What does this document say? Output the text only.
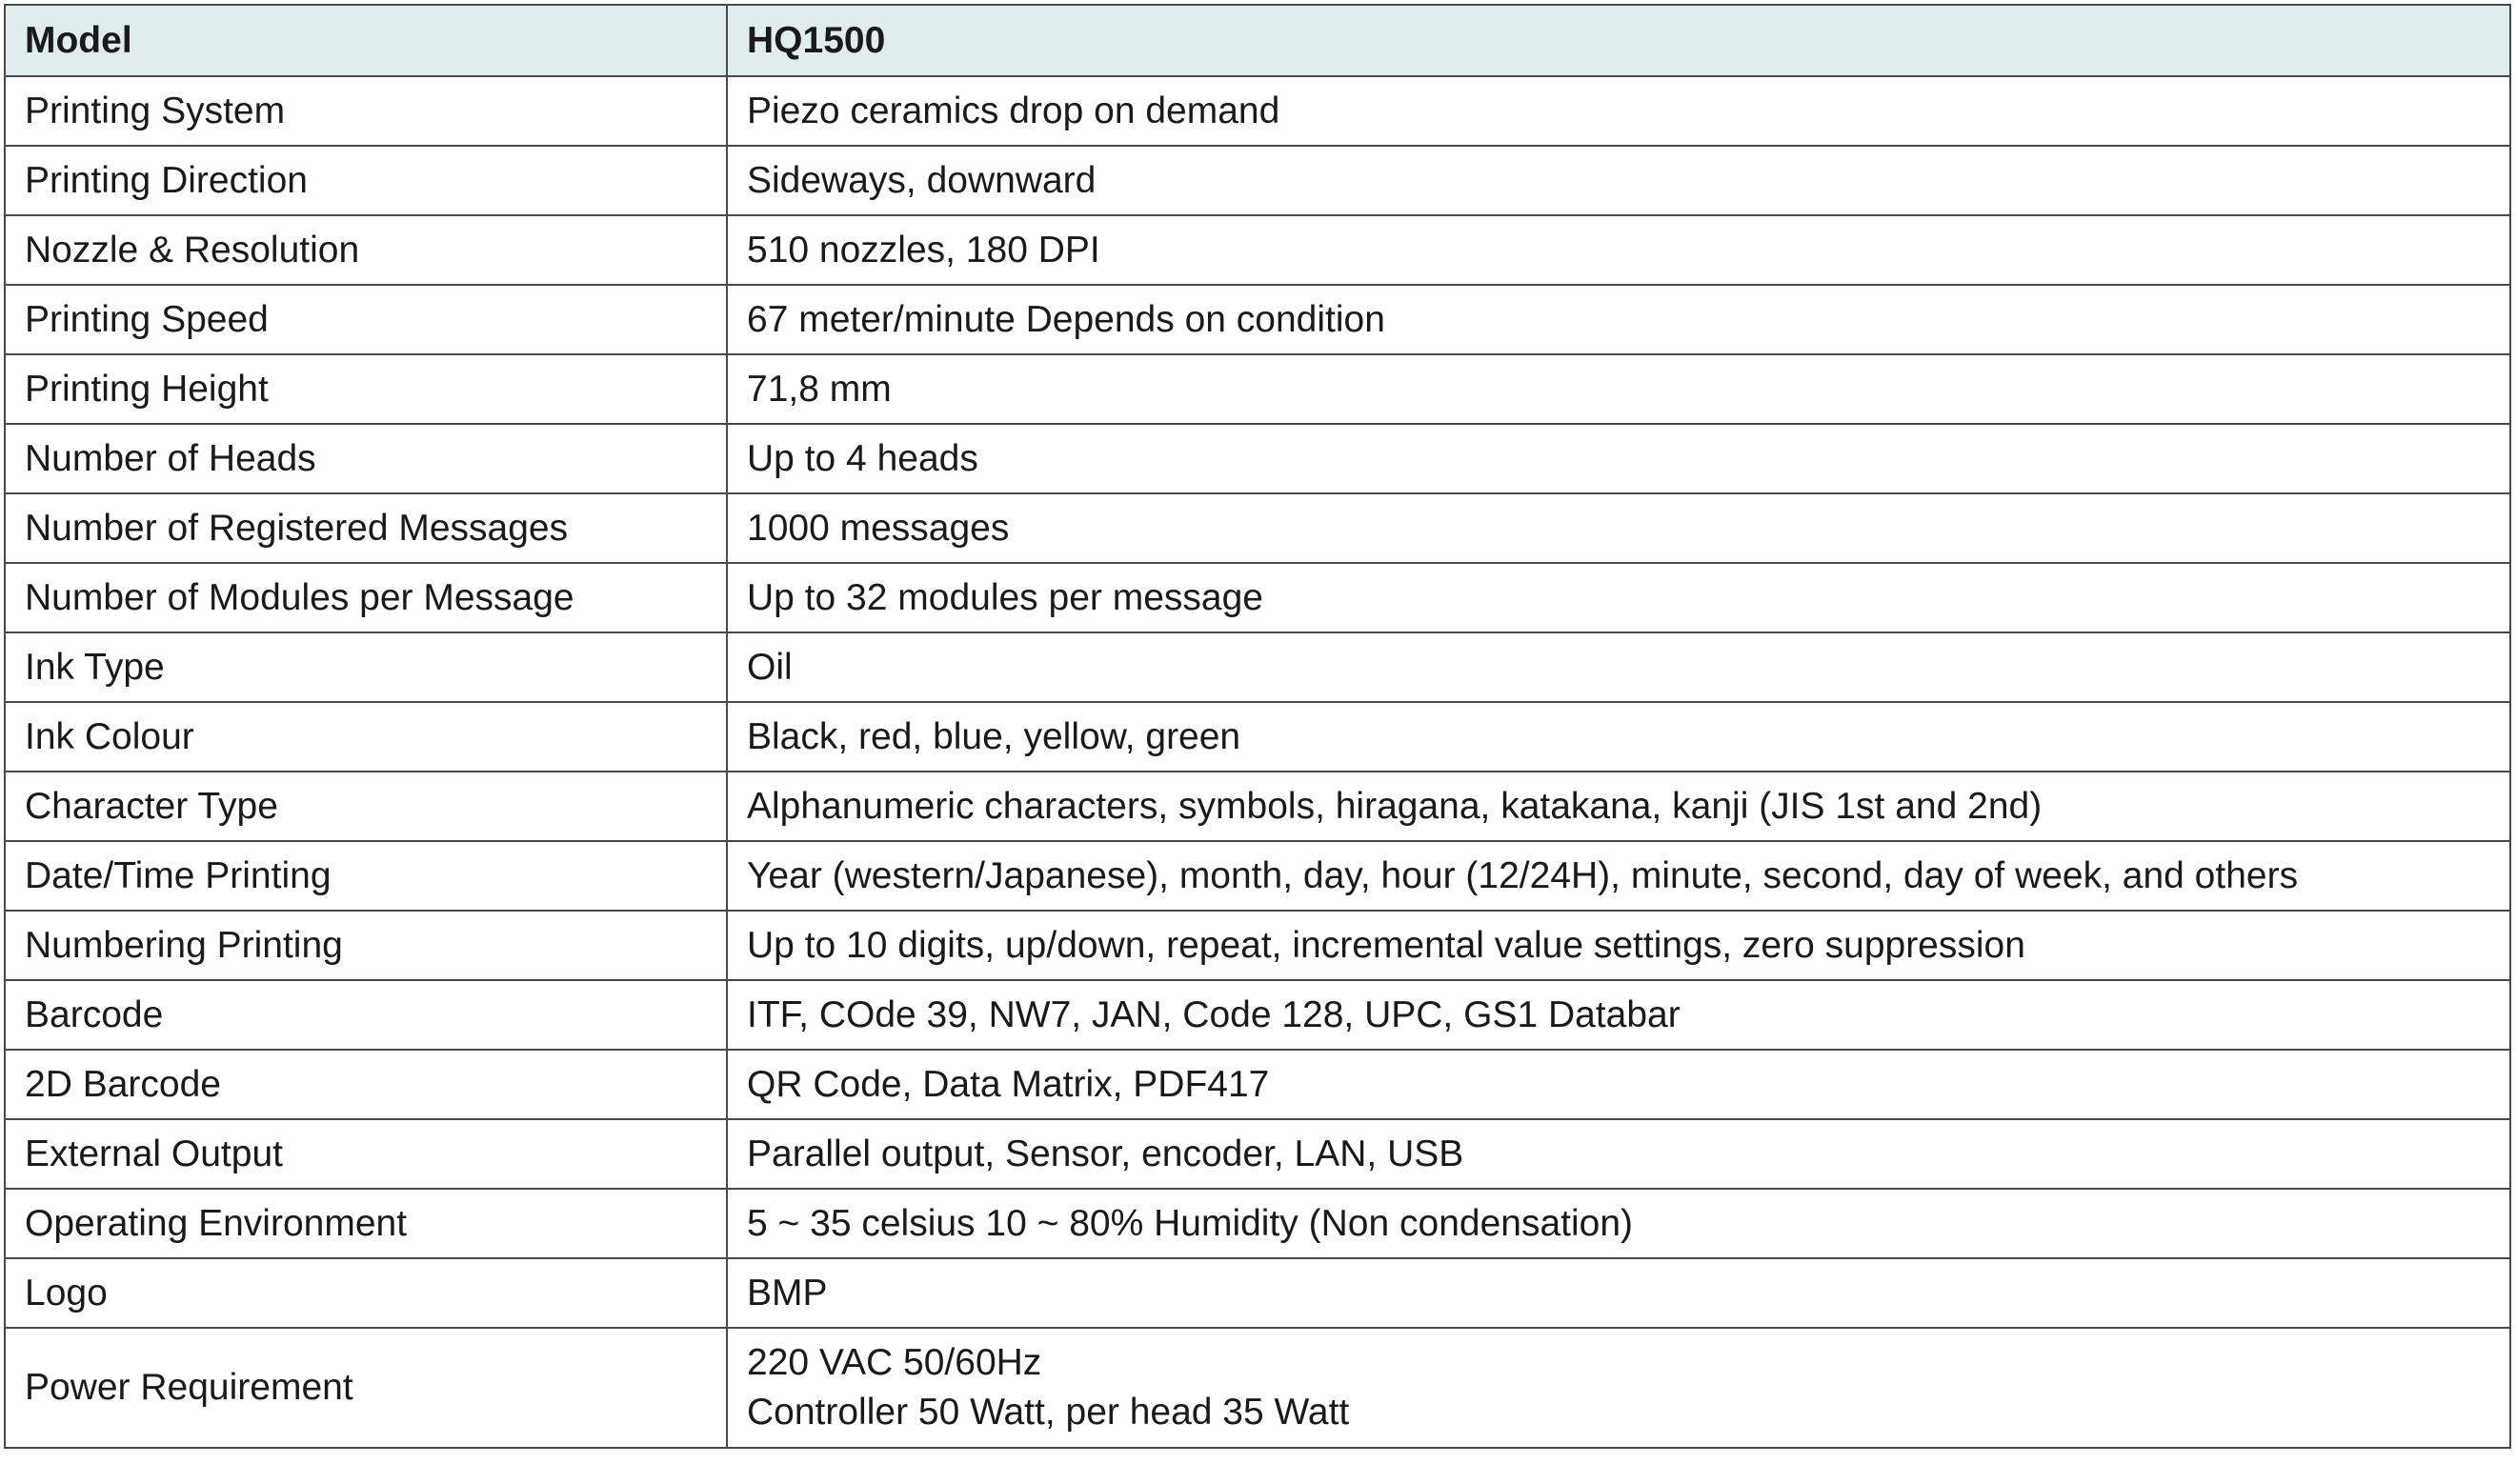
Model	HQ1500
Printing System	Piezo ceramics drop on demand
Printing Direction	Sideways, downward
Nozzle & Resolution	510 nozzles, 180 DPI
Printing Speed	67 meter/minute Depends on condition
Printing Height	71,8 mm
Number of Heads	Up to 4 heads
Number of Registered Messages	1000 messages
Number of Modules per Message	Up to 32 modules per message
Ink Type	Oil
Ink Colour	Black, red, blue, yellow, green
Character Type	Alphanumeric characters, symbols, hiragana, katakana, kanji (JIS 1st and 2nd)
Date/Time Printing	Year (western/Japanese), month, day, hour (12/24H), minute, second, day of week, and others
Numbering Printing	Up to 10 digits, up/down, repeat, incremental value settings, zero suppression
Barcode	ITF, COde 39, NW7, JAN, Code 128, UPC, GS1 Databar
2D Barcode	QR Code, Data Matrix, PDF417
External Output	Parallel output, Sensor, encoder, LAN, USB
Operating Environment	5 ~ 35 celsius 10 ~ 80% Humidity (Non condensation)
Logo	BMP
Power Requirement	220 VAC 50/60Hz
Controller 50 Watt, per head 35 Watt
